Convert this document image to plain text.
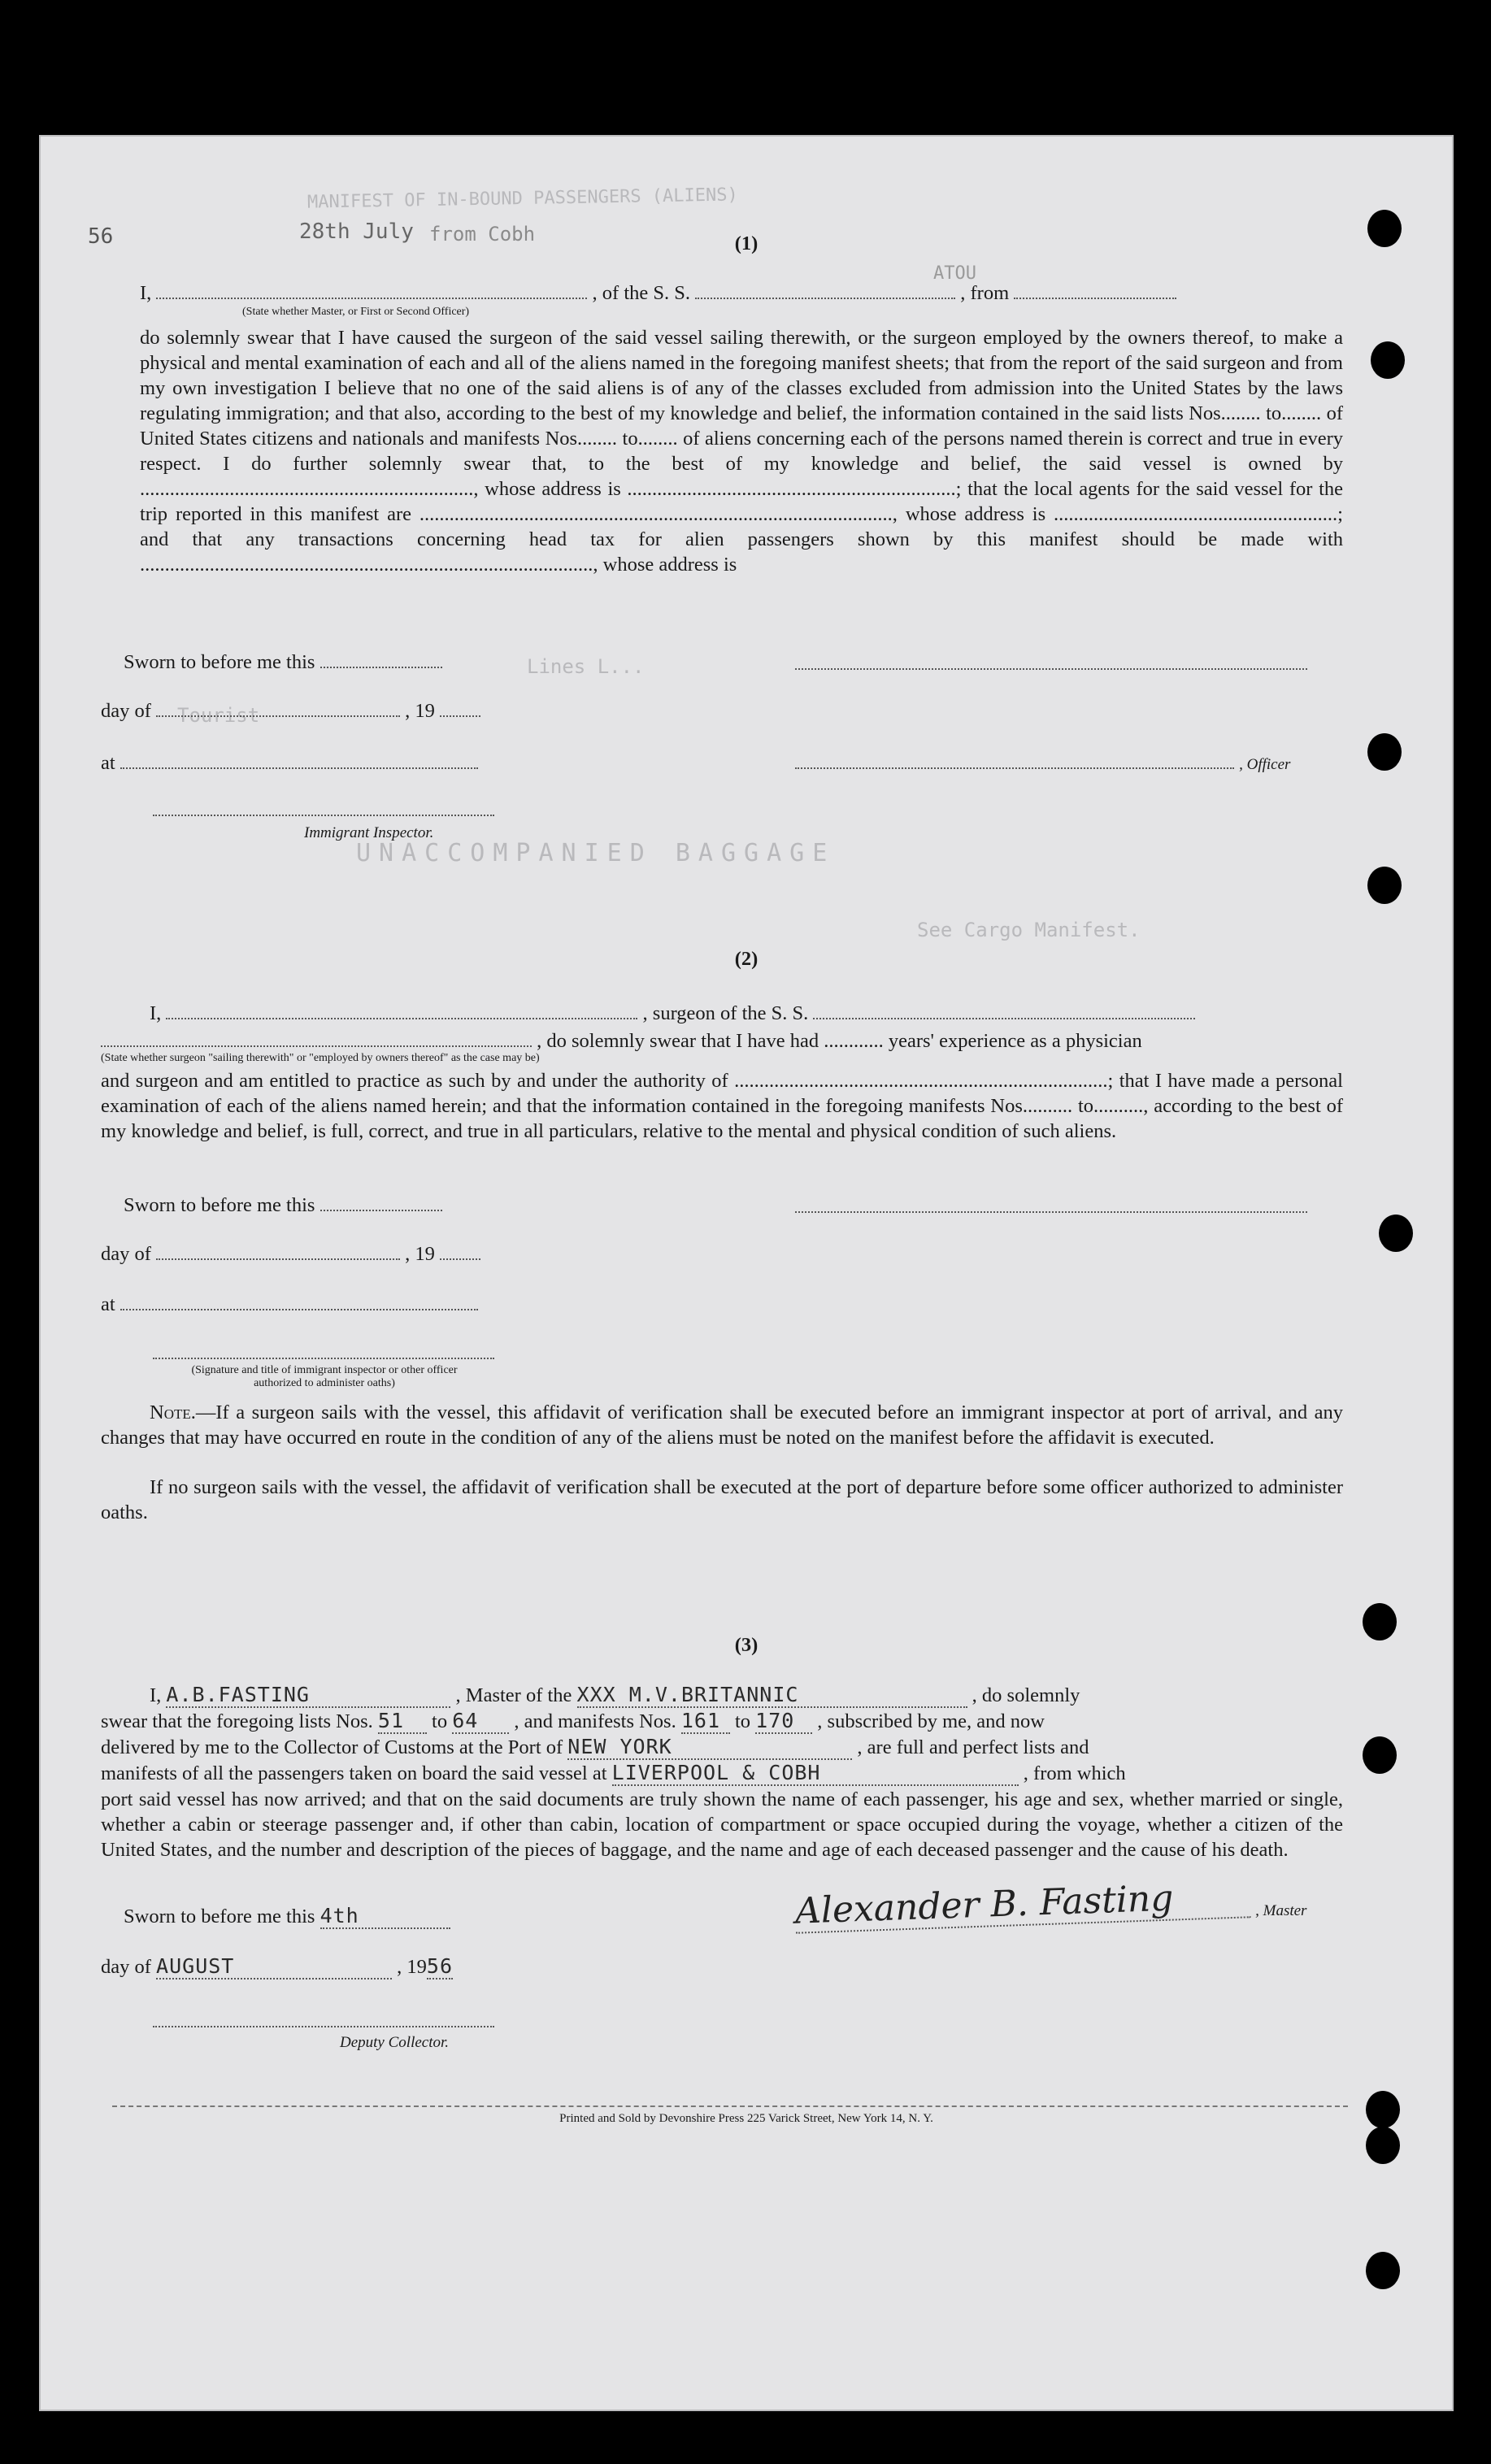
MANIFEST OF IN-BOUND PASSENGERS (ALIENS)
56	28th July from Cobh
ATOU
Lines L...
Tourist
UNACCOMPANIED BAGGAGE
See Cargo Manifest.
(1)
I,	, of the S. S.	, from
(State whether Master, or First or Second Officer)
do solemnly swear that I have caused the surgeon of the said vessel sailing therewith, or the surgeon employed by the owners thereof, to make a physical and mental examination of each and all of the aliens named in the foregoing manifest sheets; that from the report of the said surgeon and from my own investigation I believe that no one of the said aliens is of any of the classes excluded from admission into the United States by the laws regulating immigration; and that also, according to the best of my knowledge and belief, the information contained in the said lists Nos........ to........ of United States citizens and nationals and manifests Nos........ to........ of aliens concerning each of the persons named therein is correct and true in every respect. I do further solemnly swear that, to the best of my knowledge and belief, the said vessel is owned by ..................................................................., whose address is ..................................................................; that the local agents for the said vessel for the trip reported in this manifest are ..............................................................................................., whose address is .........................................................; and that any transactions concerning head tax for alien passengers shown by this manifest should be made with ..........................................................................................., whose address is
Sworn to before me this
day of	, 19
at	, Officer
Immigrant Inspector.
(2)
I,	, surgeon of the S. S.
, do solemnly swear that I have had ............ years' experience as a physician
(State whether surgeon "sailing therewith" or "employed by owners thereof" as the case may be)
and surgeon and am entitled to practice as such by and under the authority of ...........................................................................; that I have made a personal examination of each of the aliens named herein; and that the information contained in the foregoing manifests Nos.......... to.........., according to the best of my knowledge and belief, is full, correct, and true in all particulars, relative to the mental and physical condition of such aliens.
Sworn to before me this
day of	, 19
at
(Signature and title of immigrant inspector or other officer authorized to administer oaths)
Note.—If a surgeon sails with the vessel, this affidavit of verification shall be executed before an immigrant inspector at port of arrival, and any changes that may have occurred en route in the condition of any of the aliens must be noted on the manifest before the affidavit is executed.
If no surgeon sails with the vessel, the affidavit of verification shall be executed at the port of departure before some officer authorized to administer oaths.
(3)
I, A.B.FASTING	, Master of the XXX M.V.BRITANNIC	, do solemnly
swear that the foregoing lists Nos. 51 to 64 , and manifests Nos. 161 to 170 , subscribed by me, and now
delivered by me to the Collector of Customs at the Port of NEW YORK	, are full and perfect lists and
manifests of all the passengers taken on board the said vessel at LIVERPOOL & COBH	, from which
port said vessel has now arrived; and that on the said documents are truly shown the name of each passenger, his age and sex, whether married or single, whether a cabin or steerage passenger and, if other than cabin, location of compartment or space occupied during the voyage, whether a citizen of the United States, and the number and description of the pieces of baggage, and the name and age of each deceased passenger and the cause of his death.
Sworn to before me this 4th	Alexander B. Fasting	, Master
day of AUGUST	, 1956
Deputy Collector.
Printed and Sold by Devonshire Press 225 Varick Street, New York 14, N. Y.
